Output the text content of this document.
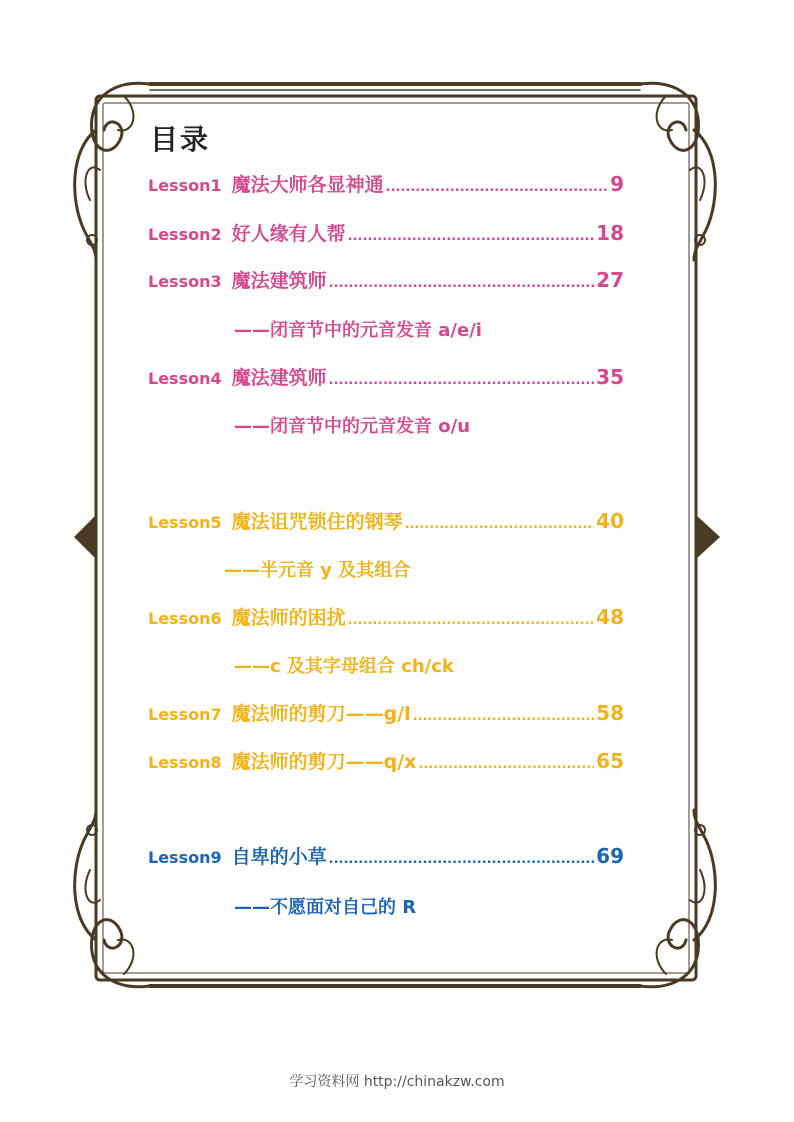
目录
Lesson1 魔法大师各显神通 .....	9
Lesson2 好人缘有人帮 .....	18
Lesson3 魔法建筑师 .....	27
——闭音节中的元音发音 a/e/i
Lesson4 魔法建筑师 .....	35
——闭音节中的元音发音 o/u
Lesson5 魔法诅咒锁住的钢琴 .....	40
——半元音 y 及其组合
Lesson6 魔法师的困扰 .....	48
——c 及其字母组合 ch/ck
Lesson7 魔法师的剪刀——g/l .....	58
Lesson8 魔法师的剪刀——q/x .....	65
Lesson9 自卑的小草 .....	69
——不愿面对自己的 R
学习资料网 http://chinakzw.com
